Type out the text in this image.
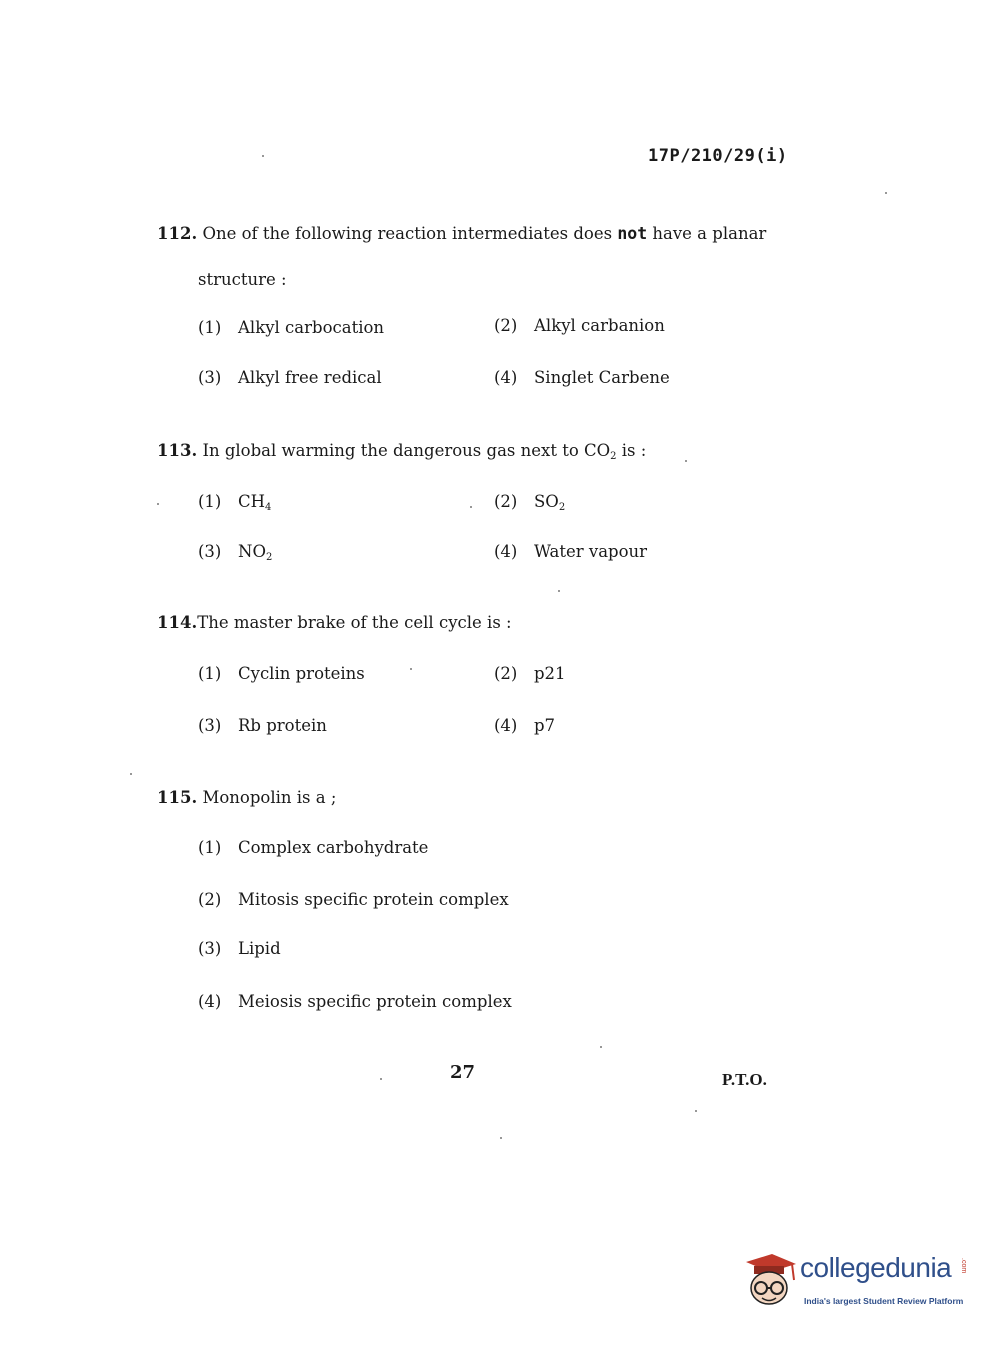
17P/210/29(i)
112. One of the following reaction intermediates does not have a planar
structure :
(1) Alkyl carbocation	(2) Alkyl carbanion
(3) Alkyl free redical	(4) Singlet Carbene
113. In global warming the dangerous gas next to $CO_2$ is :
(1) $CH_4$	(2) $SO_2$
(3) $NO_2$	(4) Water vapour
114.The master brake of the cell cycle is :
(1) Cyclin proteins	(2) p21
(3) Rb protein	(4) p7
115. Monopolin is a ;
(1) Complex carbohydrate
(2) Mitosis specific protein complex
(3) Lipid
(4) Meiosis specific protein complex
27	P.T.O.
collegedunia .com
India's largest Student Review Platform
